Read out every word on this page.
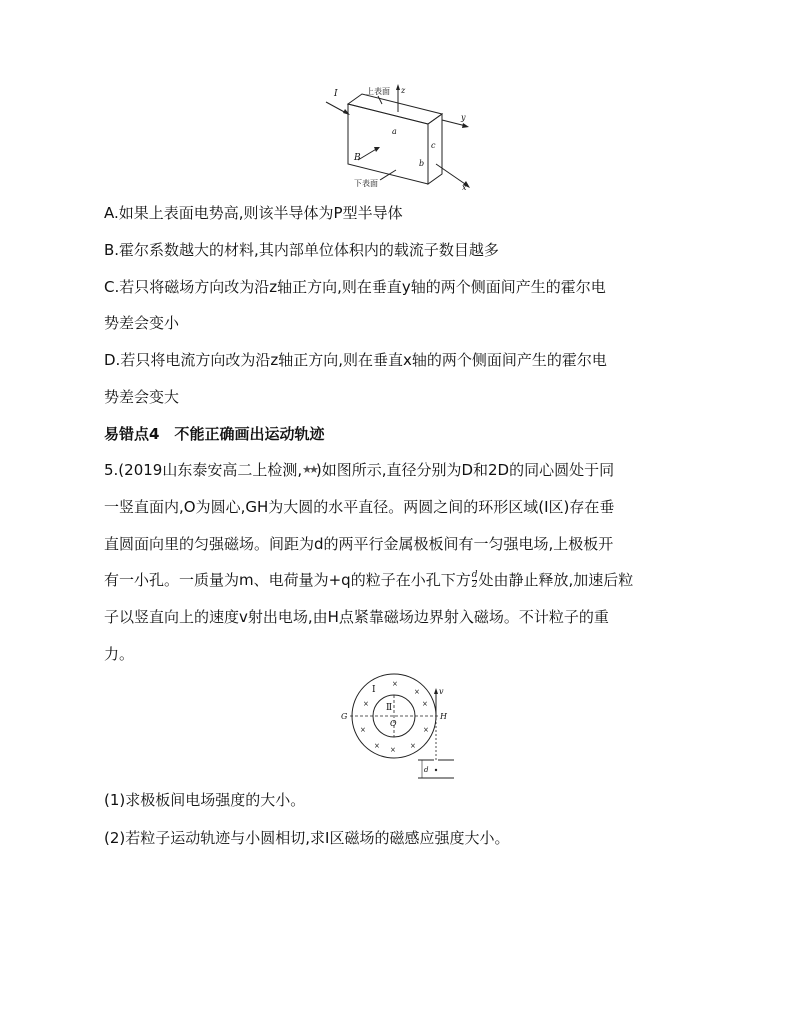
上表面
下表面
I
B
z
y
x
a
b
c
A.如果上表面电势高,则该半导体为P型半导体
B.霍尔系数越大的材料,其内部单位体积内的载流子数目越多
C.若只将磁场方向改为沿z轴正方向,则在垂直y轴的两个侧面间产生的霍尔电
势差会变小
D.若只将电流方向改为沿z轴正方向,则在垂直x轴的两个侧面间产生的霍尔电
势差会变大
易错点4　不能正确画出运动轨迹
5.(2019山东泰安高二上检测,★★)如图所示,直径分别为D和2D的同心圆处于同
一竖直面内,O为圆心,GH为大圆的水平直径。两圆之间的环形区域(Ⅰ区)存在垂
直圆面向里的匀强磁场。间距为d的两平行金属极板间有一匀强电场,上极板开
有一小孔。一质量为m、电荷量为+q的粒子在小孔下方 $\frac{d}{2}$ 处由静止释放,加速后粒
子以竖直向上的速度v射出电场,由H点紧靠磁场边界射入磁场。不计粒子的重
力。
Ⅰ
Ⅱ
G	H
O
v
d
×
×
×	×
×	×
× × ×
(1)求极板间电场强度的大小。
(2)若粒子运动轨迹与小圆相切,求Ⅰ区磁场的磁感应强度大小。
